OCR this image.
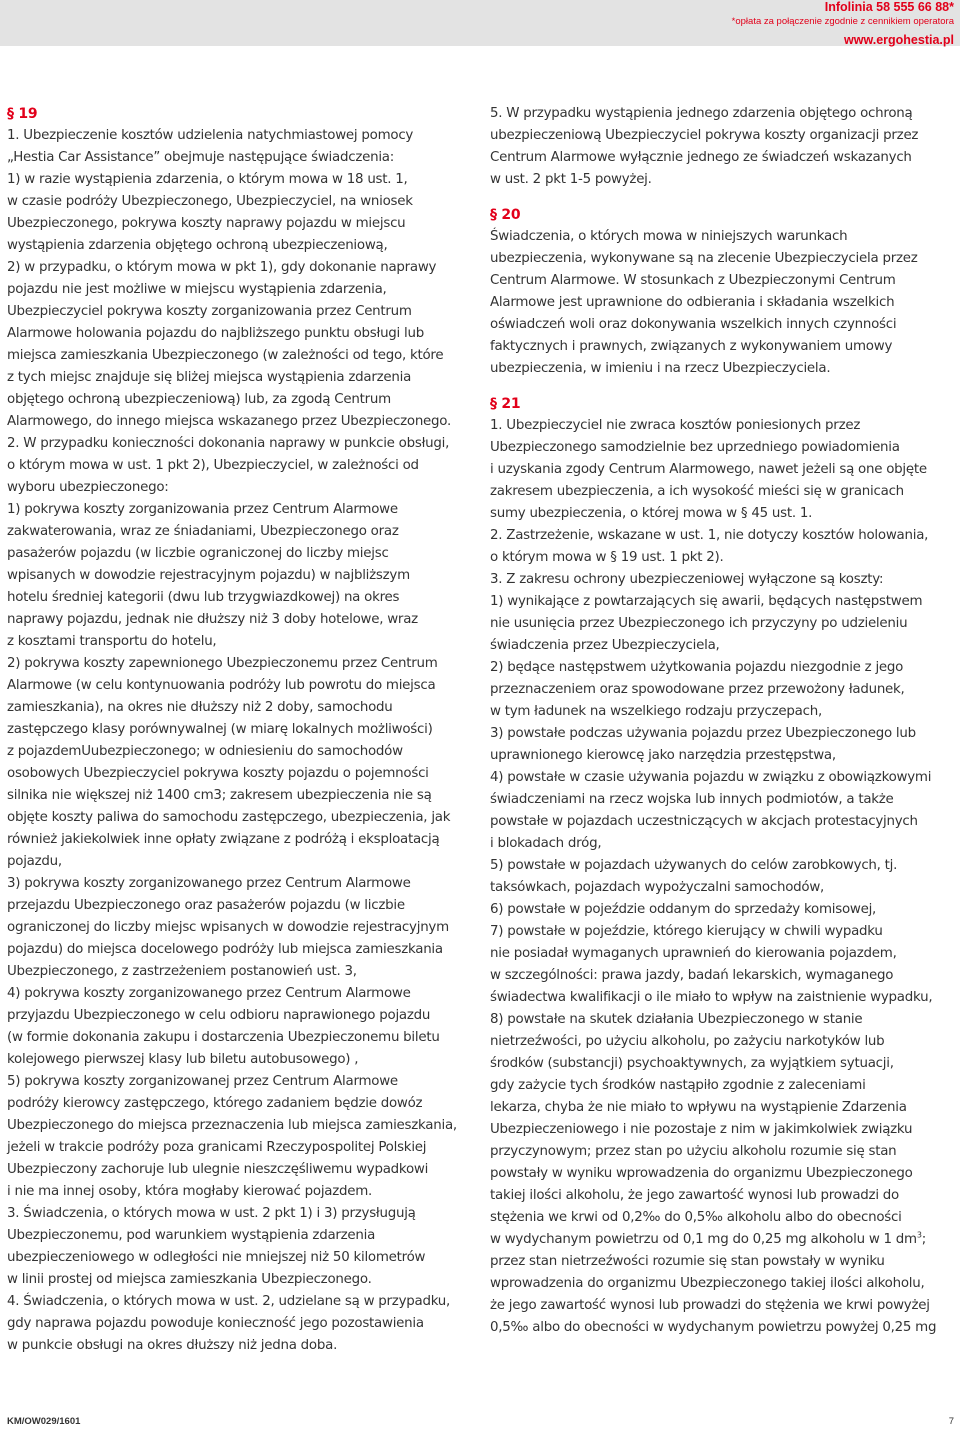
Infolinia 58 555 66 88*
*opłata za połączenie zgodnie z cennikiem operatora
www.ergohestia.pl

§ 19

1. Ubezpieczenie kosztów udzielenia natychmiastowej pomocy

„Hestia Car Assistance” obejmuje następujące świadczenia:

1) w razie wystąpienia zdarzenia, o którym mowa w 18 ust. 1,

w czasie podróży Ubezpieczonego, Ubezpieczyciel, na wniosek

Ubezpieczonego, pokrywa koszty naprawy pojazdu w miejscu

wystąpienia zdarzenia objętego ochroną ubezpieczeniową,

2) w przypadku, o którym mowa w pkt 1), gdy dokonanie naprawy

pojazdu nie jest możliwe w miejscu wystąpienia zdarzenia,

Ubezpieczyciel pokrywa koszty zorganizowania przez Centrum

Alarmowe holowania pojazdu do najbliższego punktu obsługi lub

miejsca zamieszkania Ubezpieczonego (w zależności od tego, które

z tych miejsc znajduje się bliżej miejsca wystąpienia zdarzenia

objętego ochroną ubezpieczeniową) lub, za zgodą Centrum

Alarmowego, do innego miejsca wskazanego przez Ubezpieczonego.

2. W przypadku konieczności dokonania naprawy w punkcie obsługi,

o którym mowa w ust. 1 pkt 2), Ubezpieczyciel, w zależności od

wyboru ubezpieczonego:

1) pokrywa koszty zorganizowania przez Centrum Alarmowe

zakwaterowania, wraz ze śniadaniami, Ubezpieczonego oraz

pasażerów pojazdu (w liczbie ograniczonej do liczby miejsc

wpisanych w dowodzie rejestracyjnym pojazdu) w najbliższym

hotelu średniej kategorii (dwu lub trzygwiazdkowej) na okres

naprawy pojazdu, jednak nie dłuższy niż 3 doby hotelowe, wraz

z kosztami transportu do hotelu,

2) pokrywa koszty zapewnionego Ubezpieczonemu przez Centrum

Alarmowe (w celu kontynuowania podróży lub powrotu do miejsca

zamieszkania), na okres nie dłuższy niż 2 doby, samochodu

zastępczego klasy porównywalnej (w miarę lokalnych możliwości)

z pojazdemUubezpieczonego; w odniesieniu do samochodów

osobowych Ubezpieczyciel pokrywa koszty pojazdu o pojemności

silnika nie większej niż 1400 cm3; zakresem ubezpieczenia nie są

objęte koszty paliwa do samochodu zastępczego, ubezpieczenia, jak

również jakiekolwiek inne opłaty związane z podróżą i eksploatacją

pojazdu,

3) pokrywa koszty zorganizowanego przez Centrum Alarmowe

przejazdu Ubezpieczonego oraz pasażerów pojazdu (w liczbie

ograniczonej do liczby miejsc wpisanych w dowodzie rejestracyjnym

pojazdu) do miejsca docelowego podróży lub miejsca zamieszkania

Ubezpieczonego, z zastrzeżeniem postanowień ust. 3,

4) pokrywa koszty zorganizowanego przez Centrum Alarmowe

przyjazdu Ubezpieczonego w celu odbioru naprawionego pojazdu

(w formie dokonania zakupu i dostarczenia Ubezpieczonemu biletu

kolejowego pierwszej klasy lub biletu autobusowego) ,

5) pokrywa koszty zorganizowanej przez Centrum Alarmowe

podróży kierowcy zastępczego, którego zadaniem będzie dowóz

Ubezpieczonego do miejsca przeznaczenia lub miejsca zamieszkania,

jeżeli w trakcie podróży poza granicami Rzeczypospolitej Polskiej

Ubezpieczony zachoruje lub ulegnie nieszczęśliwemu wypadkowi

i nie ma innej osoby, która mogłaby kierować pojazdem.

3. Świadczenia, o których mowa w ust. 2 pkt 1) i 3) przysługują

Ubezpieczonemu, pod warunkiem wystąpienia zdarzenia

ubezpieczeniowego w odległości nie mniejszej niż 50 kilometrów

w linii prostej od miejsca zamieszkania Ubezpieczonego.

4. Świadczenia, o których mowa w ust. 2, udzielane są w przypadku,

gdy naprawa pojazdu powoduje konieczność jego pozostawienia

w punkcie obsługi na okres dłuższy niż jedna doba.

5. W przypadku wystąpienia jednego zdarzenia objętego ochroną

ubezpieczeniową Ubezpieczyciel pokrywa koszty organizacji przez

Centrum Alarmowe wyłącznie jednego ze świadczeń wskazanych

w ust. 2 pkt 1-5 powyżej.

§ 20

Świadczenia, o których mowa w niniejszych warunkach

ubezpieczenia, wykonywane są na zlecenie Ubezpieczyciela przez

Centrum Alarmowe. W stosunkach z Ubezpieczonymi Centrum

Alarmowe jest uprawnione do odbierania i składania wszelkich

oświadczeń woli oraz dokonywania wszelkich innych czynności

faktycznych i prawnych, związanych z wykonywaniem umowy

ubezpieczenia, w imieniu i na rzecz Ubezpieczyciela.

§ 21

1. Ubezpieczyciel nie zwraca kosztów poniesionych przez

Ubezpieczonego samodzielnie bez uprzedniego powiadomienia

i uzyskania zgody Centrum Alarmowego, nawet jeżeli są one objęte

zakresem ubezpieczenia, a ich wysokość mieści się w granicach

sumy ubezpieczenia, o której mowa w § 45 ust. 1.

2. Zastrzeżenie, wskazane w ust. 1, nie dotyczy kosztów holowania,

o którym mowa w § 19 ust. 1 pkt 2).

3. Z zakresu ochrony ubezpieczeniowej wyłączone są koszty:

1) wynikające z powtarzających się awarii, będących następstwem

nie usunięcia przez Ubezpieczonego ich przyczyny po udzieleniu

świadczenia przez Ubezpieczyciela,

2) będące następstwem użytkowania pojazdu niezgodnie z jego

przeznaczeniem oraz spowodowane przez przewożony ładunek,

w tym ładunek na wszelkiego rodzaju przyczepach,

3) powstałe podczas używania pojazdu przez Ubezpieczonego lub

uprawnionego kierowcę jako narzędzia przestępstwa,

4) powstałe w czasie używania pojazdu w związku z obowiązkowymi

świadczeniami na rzecz wojska lub innych podmiotów, a także

powstałe w pojazdach uczestniczących w akcjach protestacyjnych

i blokadach dróg,

5) powstałe w pojazdach używanych do celów zarobkowych, tj.

taksówkach, pojazdach wypożyczalni samochodów,

6) powstałe w pojeździe oddanym do sprzedaży komisowej,

7) powstałe w pojeździe, którego kierujący w chwili wypadku

nie posiadał wymaganych uprawnień do kierowania pojazdem,

w szczególności: prawa jazdy, badań lekarskich, wymaganego

świadectwa kwalifikacji o ile miało to wpływ na zaistnienie wypadku,

8) powstałe na skutek działania Ubezpieczonego w stanie

nietrzeźwości, po użyciu alkoholu, po zażyciu narkotyków lub

środków (substancji) psychoaktywnych, za wyjątkiem sytuacji,

gdy zażycie tych środków nastąpiło zgodnie z zaleceniami

lekarza, chyba że nie miało to wpływu na wystąpienie Zdarzenia

Ubezpieczeniowego i nie pozostaje z nim w jakimkolwiek związku

przyczynowym; przez stan po użyciu alkoholu rozumie się stan

powstały w wyniku wprowadzenia do organizmu Ubezpieczonego

takiej ilości alkoholu, że jego zawartość wynosi lub prowadzi do

stężenia we krwi od 0,2‰ do 0,5‰ alkoholu albo do obecności

w wydychanym powietrzu od 0,1 mg do 0,25 mg alkoholu w 1 $dm^3$;

przez stan nietrzeźwości rozumie się stan powstały w wyniku

wprowadzenia do organizmu Ubezpieczonego takiej ilości alkoholu,

że jego zawartość wynosi lub prowadzi do stężenia we krwi powyżej

0,5‰ albo do obecności w wydychanym powietrzu powyżej 0,25 mg

KM/OW029/1601	7
